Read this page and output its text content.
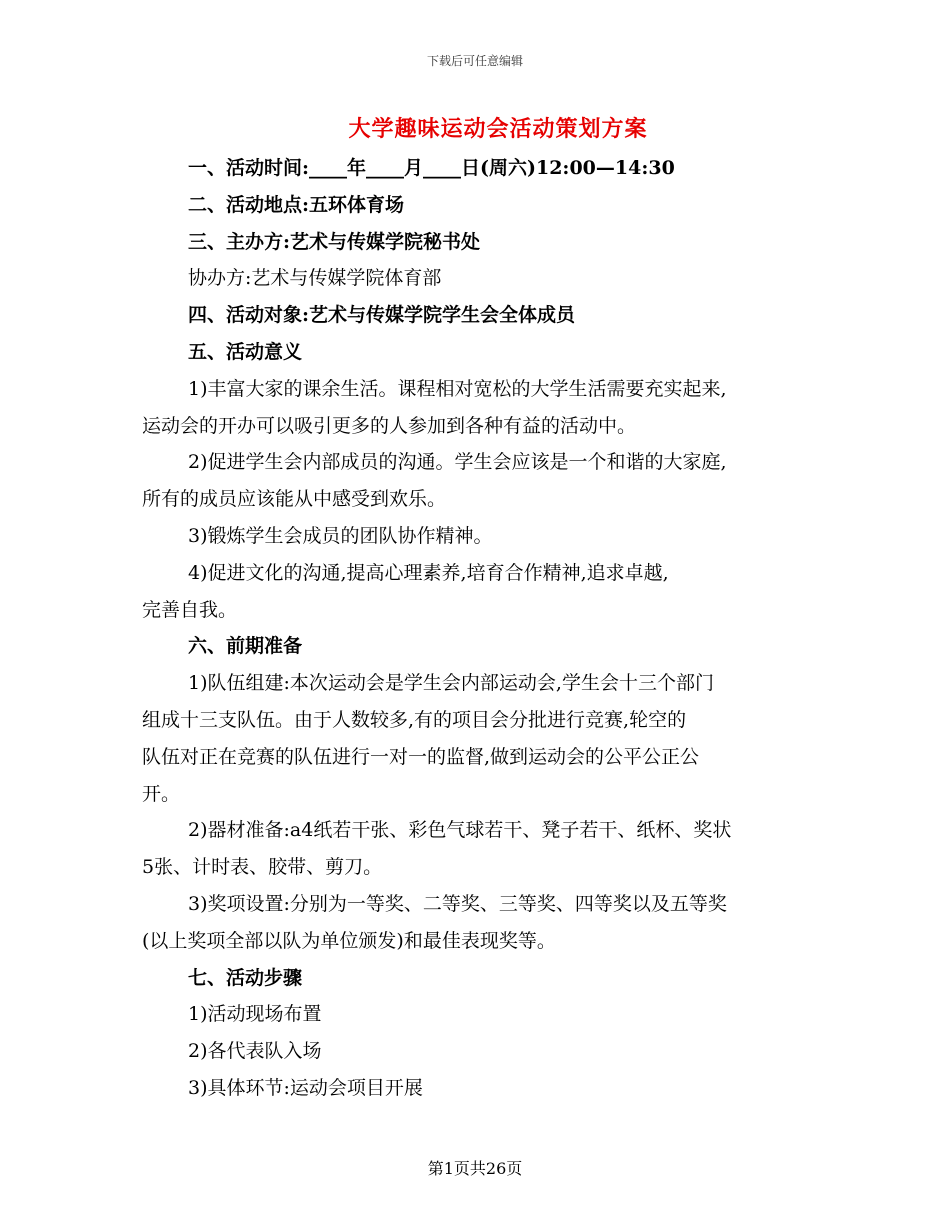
下载后可任意编辑
大学趣味运动会活动策划方案
一、活动时间:____年____月____日(周六)12:00—14:30
二、活动地点:五环体育场
三、主办方:艺术与传媒学院秘书处
协办方:艺术与传媒学院体育部
四、活动对象:艺术与传媒学院学生会全体成员
五、活动意义
1)丰富大家的课余生活。课程相对宽松的大学生活需要充实起来,
运动会的开办可以吸引更多的人参加到各种有益的活动中。
2)促进学生会内部成员的沟通。学生会应该是一个和谐的大家庭,
所有的成员应该能从中感受到欢乐。
3)锻炼学生会成员的团队协作精神。
4)促进文化的沟通,提高心理素养,培育合作精神,追求卓越,
完善自我。
六、前期准备
1)队伍组建:本次运动会是学生会内部运动会,学生会十三个部门
组成十三支队伍。由于人数较多,有的项目会分批进行竞赛,轮空的
队伍对正在竞赛的队伍进行一对一的监督,做到运动会的公平公正公
开。
2)器材准备:a4纸若干张、彩色气球若干、凳子若干、纸杯、奖状
5张、计时表、胶带、剪刀。
3)奖项设置:分别为一等奖、二等奖、三等奖、四等奖以及五等奖
(以上奖项全部以队为单位颁发)和最佳表现奖等。
七、活动步骤
1)活动现场布置
2)各代表队入场
3)具体环节:运动会项目开展
第1页共26页
